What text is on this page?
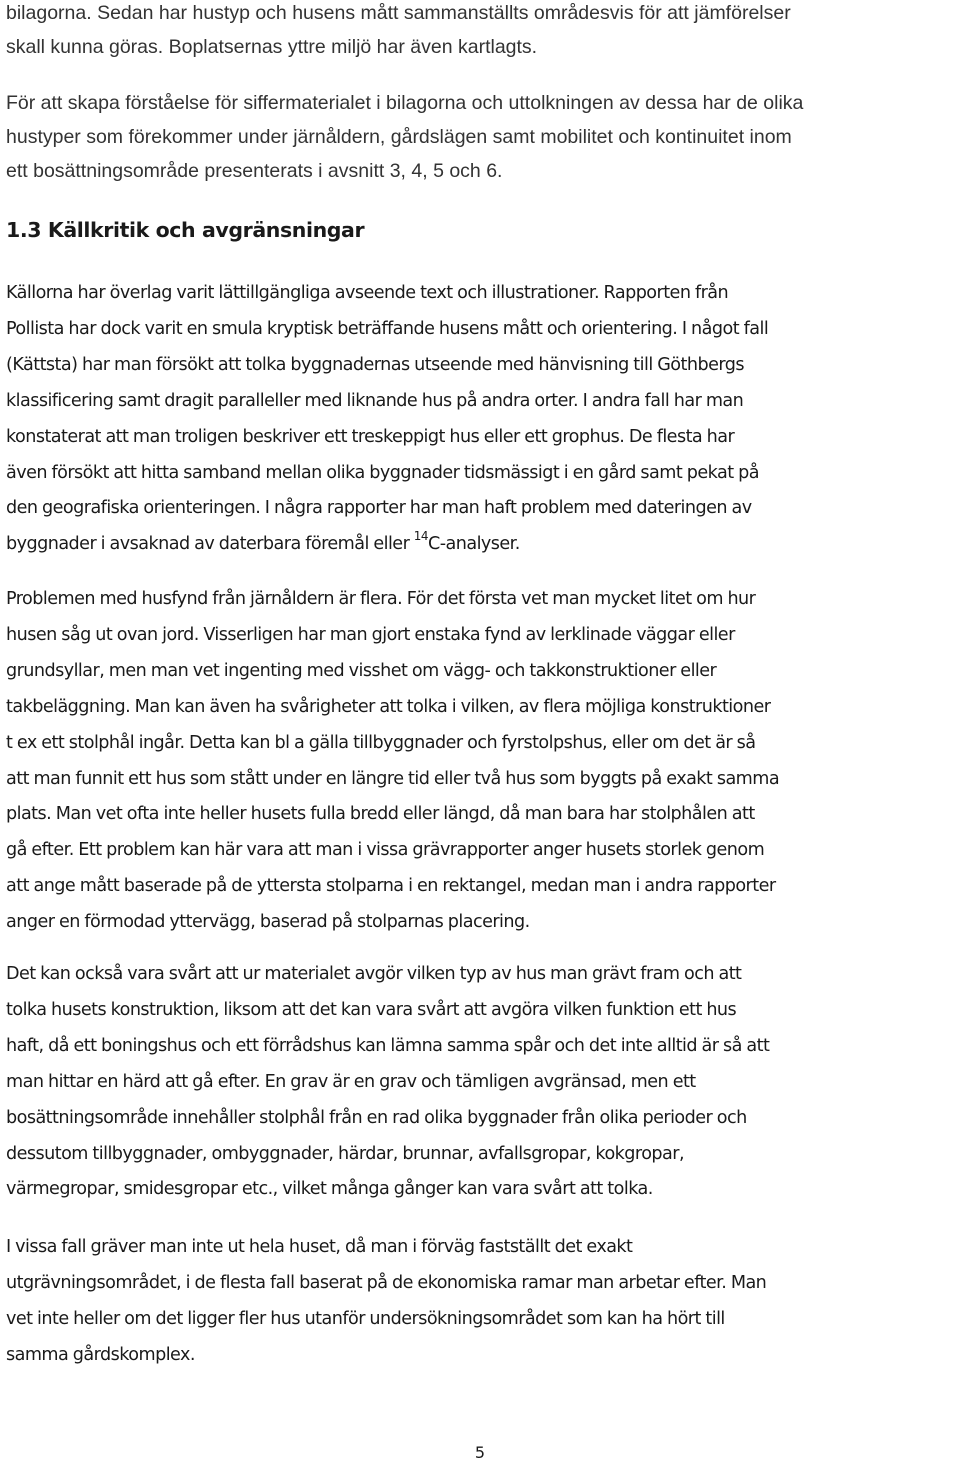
bilagorna. Sedan har hustyp och husens mått sammanställts områdesvis för att jämförelser

skall kunna göras. Boplatsernas yttre miljö har även kartlagts.

För att skapa förståelse för siffermaterialet i bilagorna och uttolkningen av dessa har de olika

hustyper som förekommer under järnåldern, gårdslägen samt mobilitet och kontinuitet inom

ett bosättningsområde presenterats i avsnitt 3, 4, 5 och 6.

1.3 Källkritik och avgränsningar

Källorna har överlag varit lättillgängliga avseende text och illustrationer. Rapporten från

Pollista har dock varit en smula kryptisk beträffande husens mått och orientering. I något fall

(Kättsta) har man försökt att tolka byggnadernas utseende med hänvisning till Göthbergs

klassificering samt dragit paralleller med liknande hus på andra orter. I andra fall har man

konstaterat att man troligen beskriver ett treskeppigt hus eller ett grophus. De flesta har

även försökt att hitta samband mellan olika byggnader tidsmässigt i en gård samt pekat på

den geografiska orienteringen. I några rapporter har man haft problem med dateringen av

byggnader i avsaknad av daterbara föremål eller $^{14}$C-analyser.

Problemen med husfynd från järnåldern är flera. För det första vet man mycket litet om hur

husen såg ut ovan jord. Visserligen har man gjort enstaka fynd av lerklinade väggar eller

grundsyllar, men man vet ingenting med visshet om vägg- och takkonstruktioner eller

takbeläggning. Man kan även ha svårigheter att tolka i vilken, av flera möjliga konstruktioner

t ex ett stolphål ingår. Detta kan bl a gälla tillbyggnader och fyrstolpshus, eller om det är så

att man funnit ett hus som stått under en längre tid eller två hus som byggts på exakt samma

plats. Man vet ofta inte heller husets fulla bredd eller längd, då man bara har stolphålen att

gå efter. Ett problem kan här vara att man i vissa grävrapporter anger husets storlek genom

att ange mått baserade på de yttersta stolparna i en rektangel, medan man i andra rapporter

anger en förmodad yttervägg, baserad på stolparnas placering.

Det kan också vara svårt att ur materialet avgör vilken typ av hus man grävt fram och att

tolka husets konstruktion, liksom att det kan vara svårt att avgöra vilken funktion ett hus

haft, då ett boningshus och ett förrådshus kan lämna samma spår och det inte alltid är så att

man hittar en härd att gå efter. En grav är en grav och tämligen avgränsad, men ett

bosättningsområde innehåller stolphål från en rad olika byggnader från olika perioder och

dessutom tillbyggnader, ombyggnader, härdar, brunnar, avfallsgropar, kokgropar,

värmegropar, smidesgropar etc., vilket många gånger kan vara svårt att tolka.

I vissa fall gräver man inte ut hela huset, då man i förväg fastställt det exakt

utgrävningsområdet, i de flesta fall baserat på de ekonomiska ramar man arbetar efter. Man

vet inte heller om det ligger fler hus utanför undersökningsområdet som kan ha hört till

samma gårdskomplex.

5
